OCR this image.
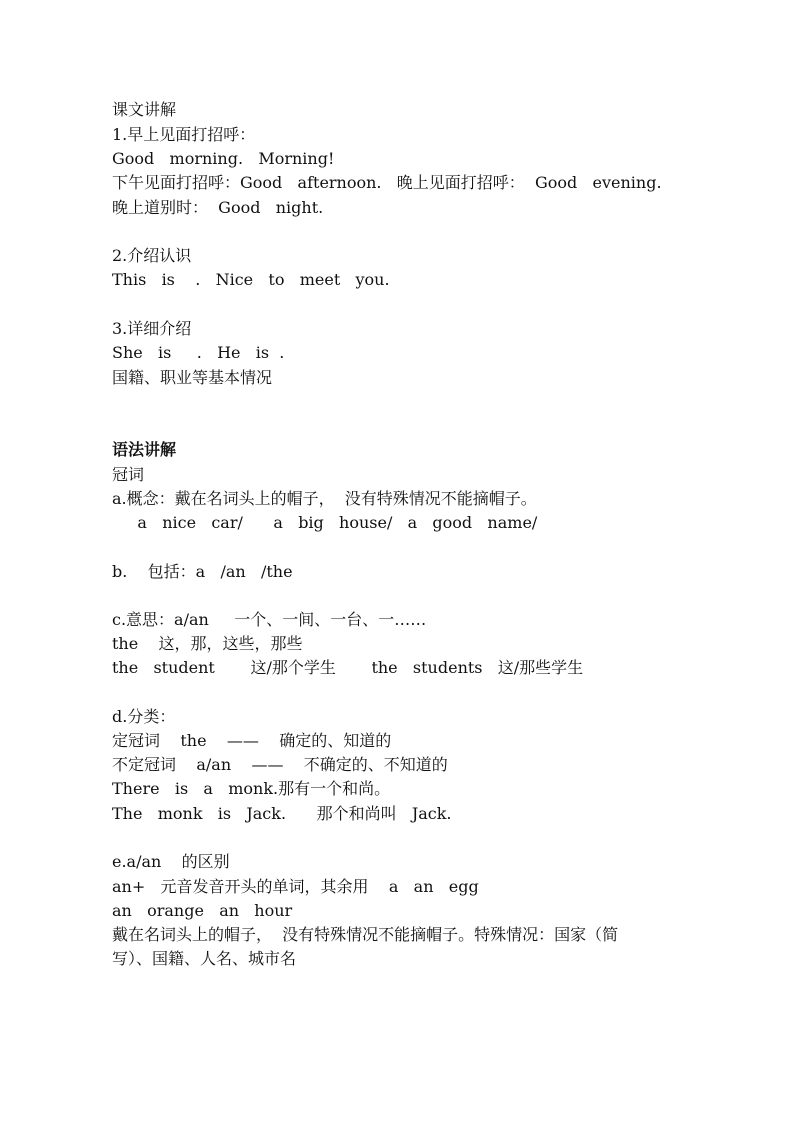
课文讲解
1.早上见面打招呼：
Good   morning.   Morning!
下午见面打招呼：Good   afternoon.   晚上见面打招呼：  Good   evening.
晚上道别时：  Good   night.
2.介绍认识
This   is    .   Nice   to   meet   you.
3.详细介绍
She   is     .   He   is  .
国籍、职业等基本情况
语法讲解
冠词
a.概念：戴在名词头上的帽子，  没有特殊情况不能摘帽子。
a   nice   car/      a   big   house/   a   good   name/
b.    包括：a   /an   /the
c.意思：a/an     一个、一间、一台、一……
the    这，那，这些，那些
the   student       这/那个学生       the   students   这/那些学生
d.分类：
定冠词    the    ——    确定的、知道的
不定冠词    a/an    ——    不确定的、不知道的
There   is   a   monk.那有一个和尚。
The   monk   is   Jack.      那个和尚叫   Jack.
e.a/an    的区别
an+   元音发音开头的单词，其余用    a   an   egg
an   orange   an   hour
戴在名词头上的帽子，  没有特殊情况不能摘帽子。特殊情况：国家（简
写）、国籍、人名、城市名
